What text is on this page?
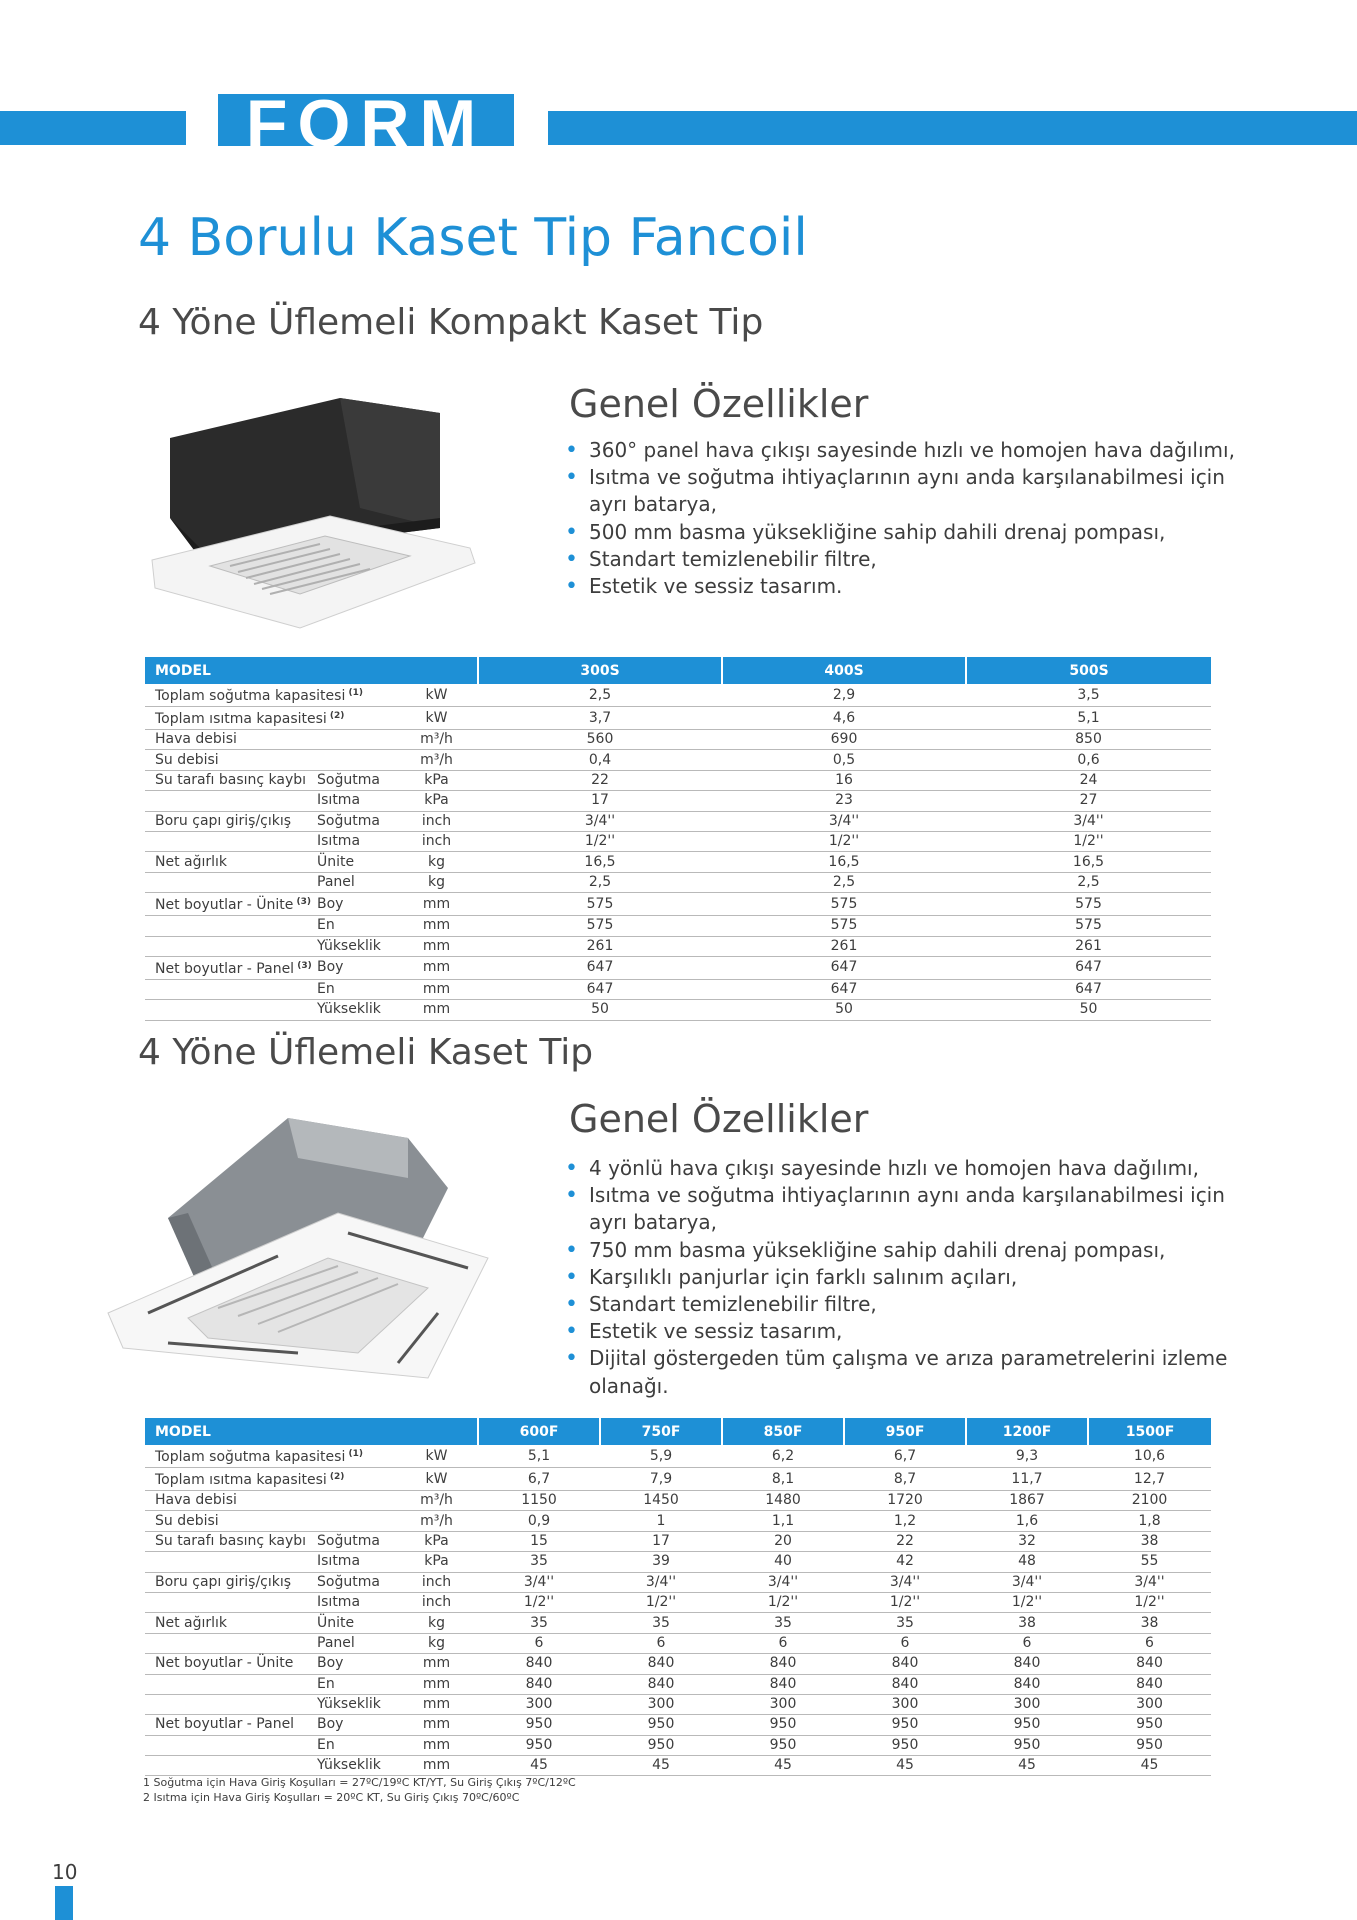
FORM
4 Borulu Kaset Tip Fancoil
4 Yöne Üflemeli Kompakt Kaset Tip
Genel Özellikler
• 360° panel hava çıkışı sayesinde hızlı ve homojen hava dağılımı,
• Isıtma ve soğutma ihtiyaçlarının aynı anda karşılanabilmesi için ayrı batarya,
• 500 mm basma yüksekliğine sahip dahili drenaj pompası,
• Standart temizlenebilir filtre,
• Estetik ve sessiz tasarım.
MODEL			300S	400S	500S
Toplam soğutma kapasitesi $^{(1)}$		kW	2,5	2,9	3,5
Toplam ısıtma kapasitesi $^{(2)}$		kW	3,7	4,6	5,1
Hava debisi		m³/h	560	690	850
Su debisi		m³/h	0,4	0,5	0,6
Su tarafı basınç kaybı	Soğutma	kPa	22	16	24
	Isıtma	kPa	17	23	27
Boru çapı giriş/çıkış	Soğutma	inch	3/4''	3/4''	3/4''
	Isıtma	inch	1/2''	1/2''	1/2''
Net ağırlık	Ünite	kg	16,5	16,5	16,5
	Panel	kg	2,5	2,5	2,5
Net boyutlar - Ünite $^{(3)}$	Boy	mm	575	575	575
	En	mm	575	575	575
	Yükseklik	mm	261	261	261
Net boyutlar - Panel $^{(3)}$	Boy	mm	647	647	647
	En	mm	647	647	647
	Yükseklik	mm	50	50	50
4 Yöne Üflemeli Kaset Tip
Genel Özellikler
• 4 yönlü hava çıkışı sayesinde hızlı ve homojen hava dağılımı,
• Isıtma ve soğutma ihtiyaçlarının aynı anda karşılanabilmesi için ayrı batarya,
• 750 mm basma yüksekliğine sahip dahili drenaj pompası,
• Karşılıklı panjurlar için farklı salınım açıları,
• Standart temizlenebilir filtre,
• Estetik ve sessiz tasarım,
• Dijital göstergeden tüm çalışma ve arıza parametrelerini izleme olanağı.
MODEL			600F	750F	850F	950F	1200F	1500F
Toplam soğutma kapasitesi $^{(1)}$		kW	5,1	5,9	6,2	6,7	9,3	10,6
Toplam ısıtma kapasitesi $^{(2)}$		kW	6,7	7,9	8,1	8,7	11,7	12,7
Hava debisi		m³/h	1150	1450	1480	1720	1867	2100
Su debisi		m³/h	0,9	1	1,1	1,2	1,6	1,8
Su tarafı basınç kaybı	Soğutma	kPa	15	17	20	22	32	38
	Isıtma	kPa	35	39	40	42	48	55
Boru çapı giriş/çıkış	Soğutma	inch	3/4''	3/4''	3/4''	3/4''	3/4''	3/4''
	Isıtma	inch	1/2''	1/2''	1/2''	1/2''	1/2''	1/2''
Net ağırlık	Ünite	kg	35	35	35	35	38	38
	Panel	kg	6	6	6	6	6	6
Net boyutlar - Ünite	Boy	mm	840	840	840	840	840	840
	En	mm	840	840	840	840	840	840
	Yükseklik	mm	300	300	300	300	300	300
Net boyutlar - Panel	Boy	mm	950	950	950	950	950	950
	En	mm	950	950	950	950	950	950
	Yükseklik	mm	45	45	45	45	45	45
1 Soğutma için Hava Giriş Koşulları = 27ºC/19ºC KT/YT, Su Giriş Çıkış 7ºC/12ºC
2 Isıtma için Hava Giriş Koşulları = 20ºC KT, Su Giriş Çıkış 70ºC/60ºC
10
